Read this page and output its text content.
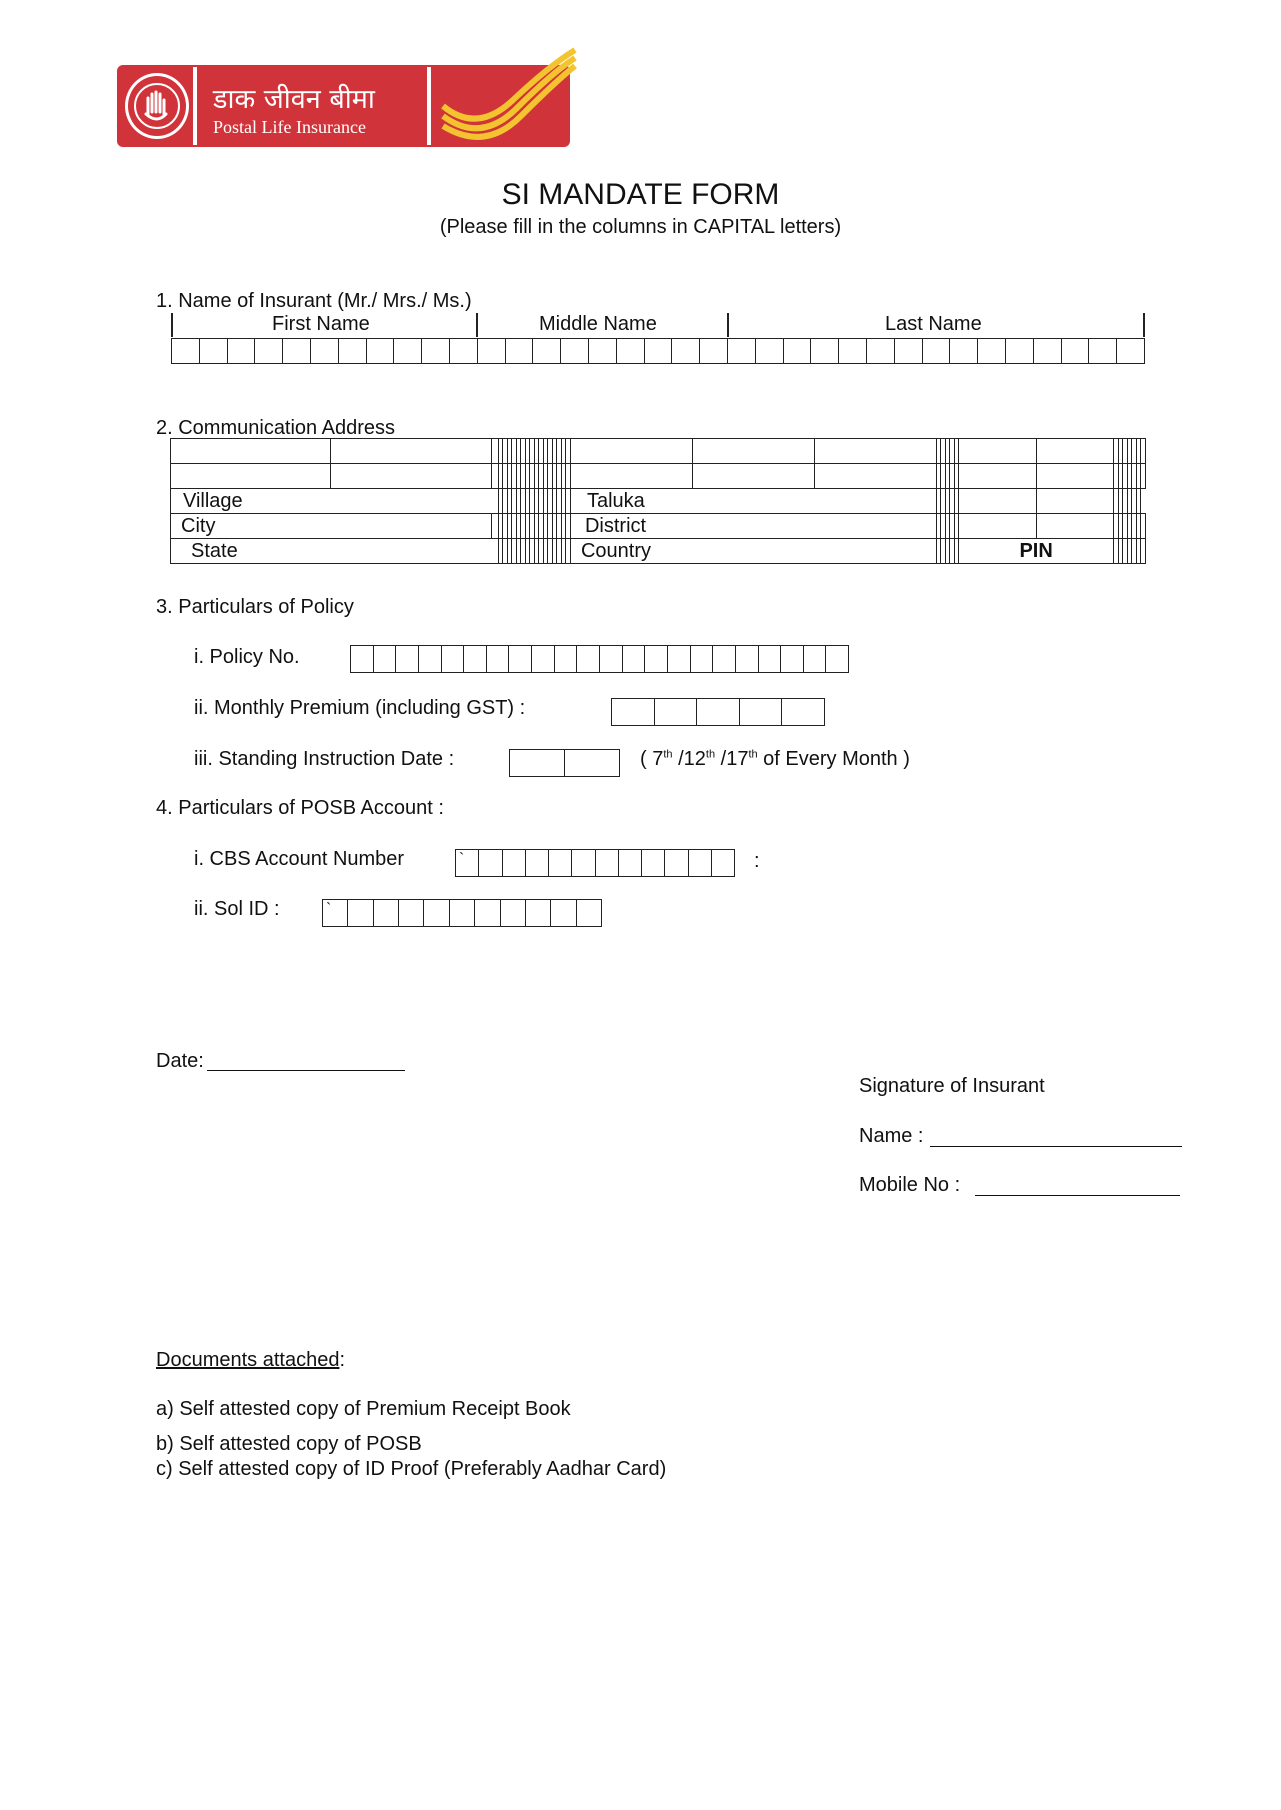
डाक जीवन बीमा
Postal Life Insurance
SI MANDATE FORM
(Please fill in the columns in CAPITAL letters)
1. Name of Insurant (Mr./ Mrs./ Ms.)
First Name	Middle Name	Last Name
2. Communication Address

Village																			Taluka																
City																			District																
State																			Country								PIN								
3. Particulars of Policy
i. Policy No.
ii. Monthly Premium (including GST) :
iii. Standing Instruction Date :	( 7th /12th /17th of Every Month )
4. Particulars of POSB Account :
i. CBS Account Number	`	:
ii. Sol ID :	`
Date:
Signature of Insurant
Name :
Mobile No :
Documents attached:
a) Self attested copy of Premium Receipt Book
b) Self attested copy of POSB
c) Self attested copy of ID Proof (Preferably Aadhar Card)
